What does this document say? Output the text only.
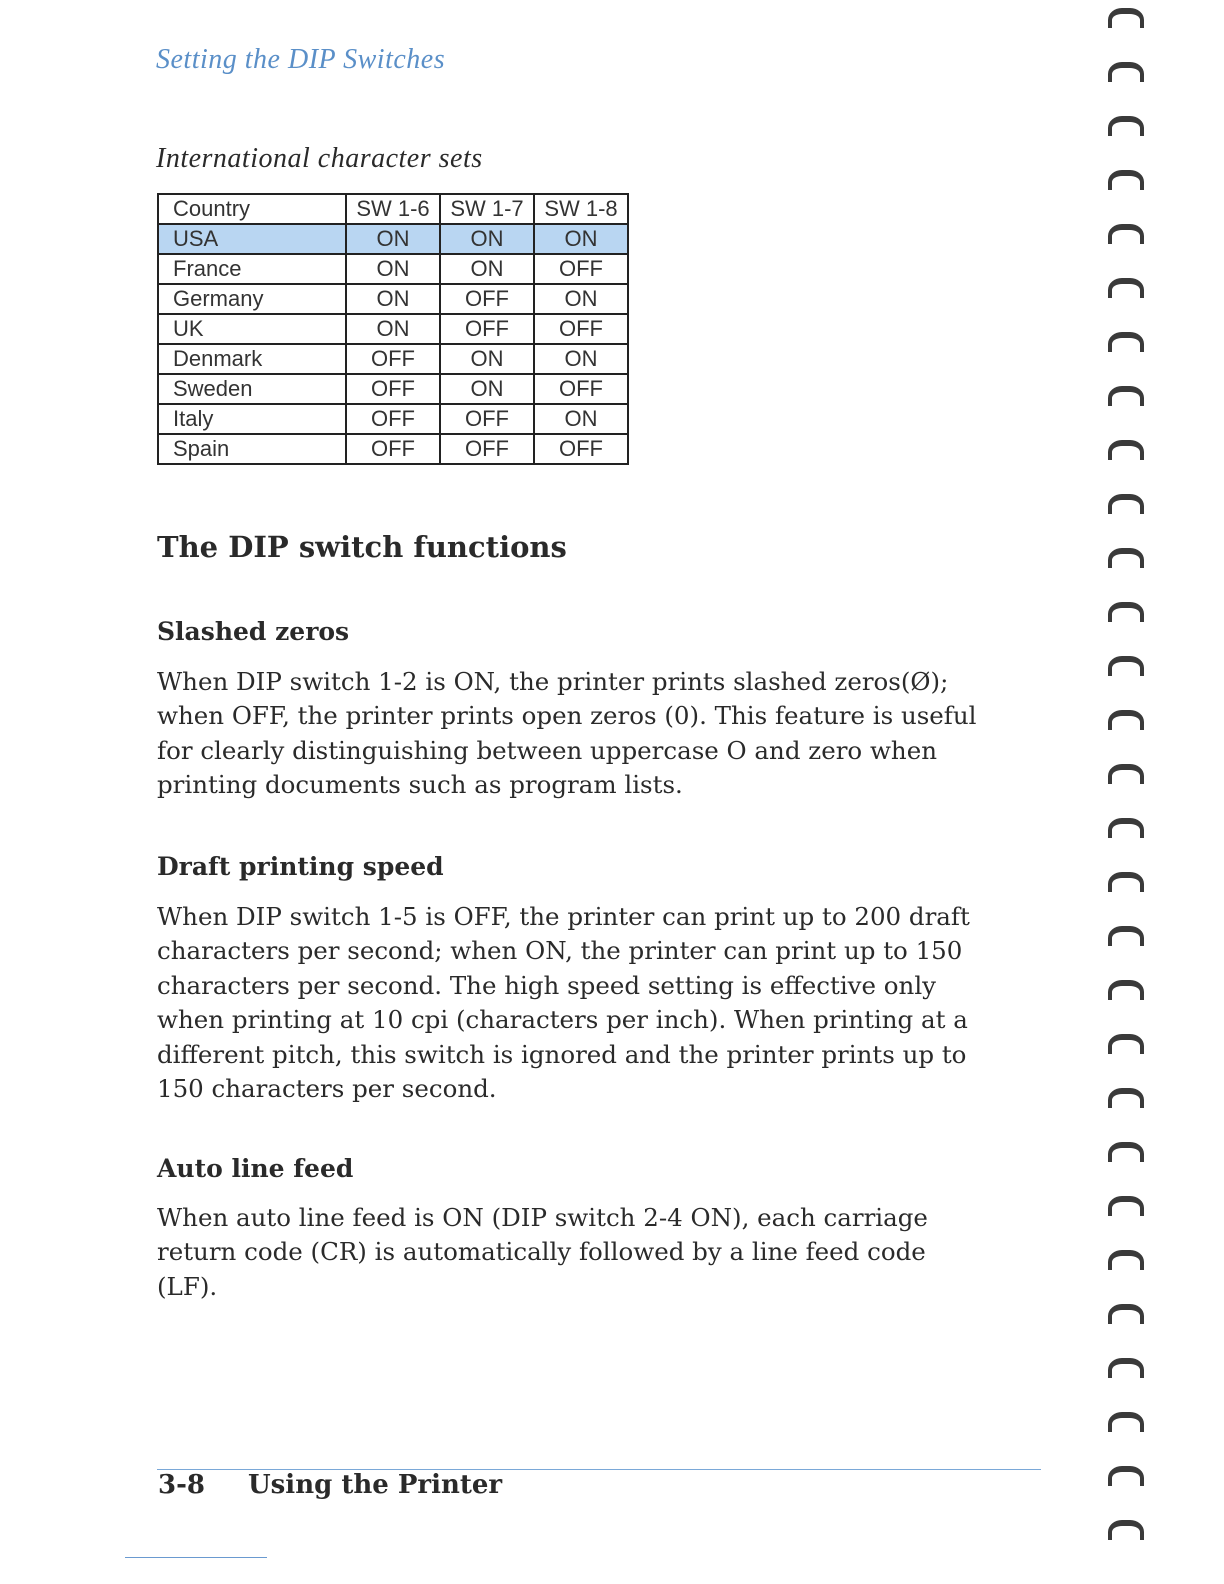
Setting the DIP Switches
International character sets
Country	SW 1-6	SW 1-7	SW 1-8
USA	ON	ON	ON
France	ON	ON	OFF
Germany	ON	OFF	ON
UK	ON	OFF	OFF
Denmark	OFF	ON	ON
Sweden	OFF	ON	OFF
Italy	OFF	OFF	ON
Spain	OFF	OFF	OFF
The DIP switch functions
Slashed zeros

When DIP switch 1-2 is ON, the printer prints slashed zeros(Ø);
when OFF, the printer prints open zeros (0). This feature is useful
for clearly distinguishing between uppercase O and zero when
printing documents such as program lists.

Draft printing speed

When DIP switch 1-5 is OFF, the printer can print up to 200 draft
characters per second; when ON, the printer can print up to 150
characters per second. The high speed setting is effective only
when printing at 10 cpi (characters per inch). When printing at a
different pitch, this switch is ignored and the printer prints up to
150 characters per second.

Auto line feed

When auto line feed is ON (DIP switch 2-4 ON), each carriage
return code (CR) is automatically followed by a line feed code
(LF).

3-8 Using the Printer
